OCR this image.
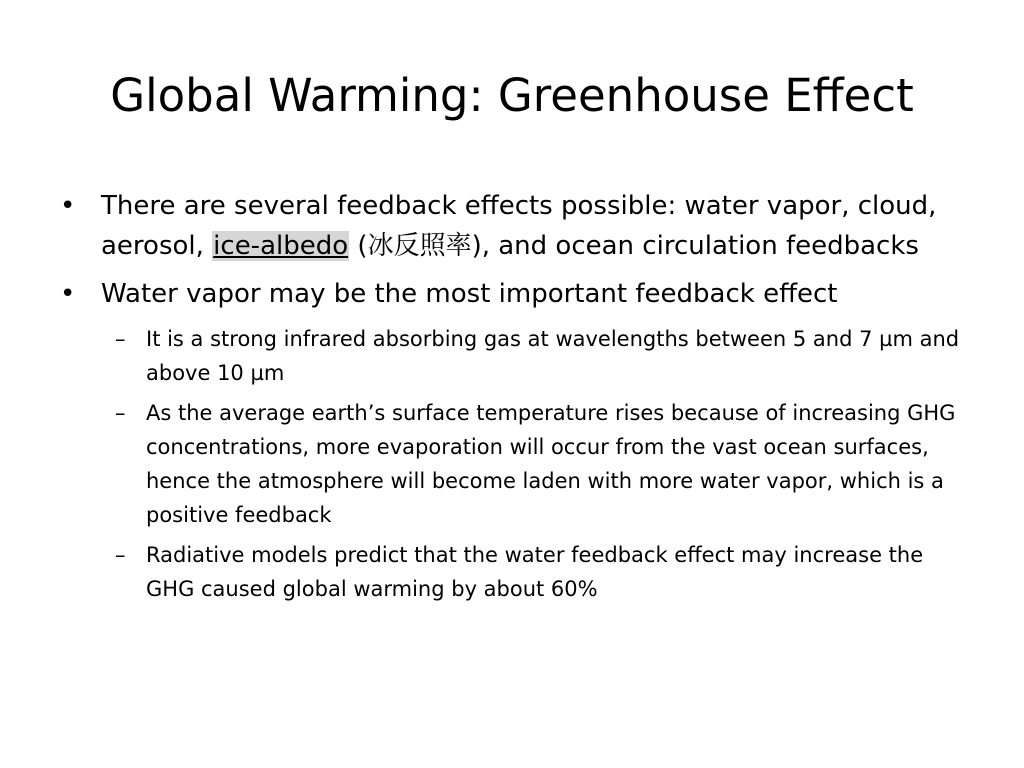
Global Warming: Greenhouse Effect

• There are several feedback effects possible: water vapor, cloud, aerosol, ice-albedo (冰反照率), and ocean circulation feedbacks

• Water vapor may be the most important feedback effect

– It is a strong infrared absorbing gas at wavelengths between 5 and 7 µm and above 10 µm

– As the average earth’s surface temperature rises because of increasing GHG concentrations, more evaporation will occur from the vast ocean surfaces, hence the atmosphere will become laden with more water vapor, which is a positive feedback

– Radiative models predict that the water feedback effect may increase the GHG caused global warming by about 60%
